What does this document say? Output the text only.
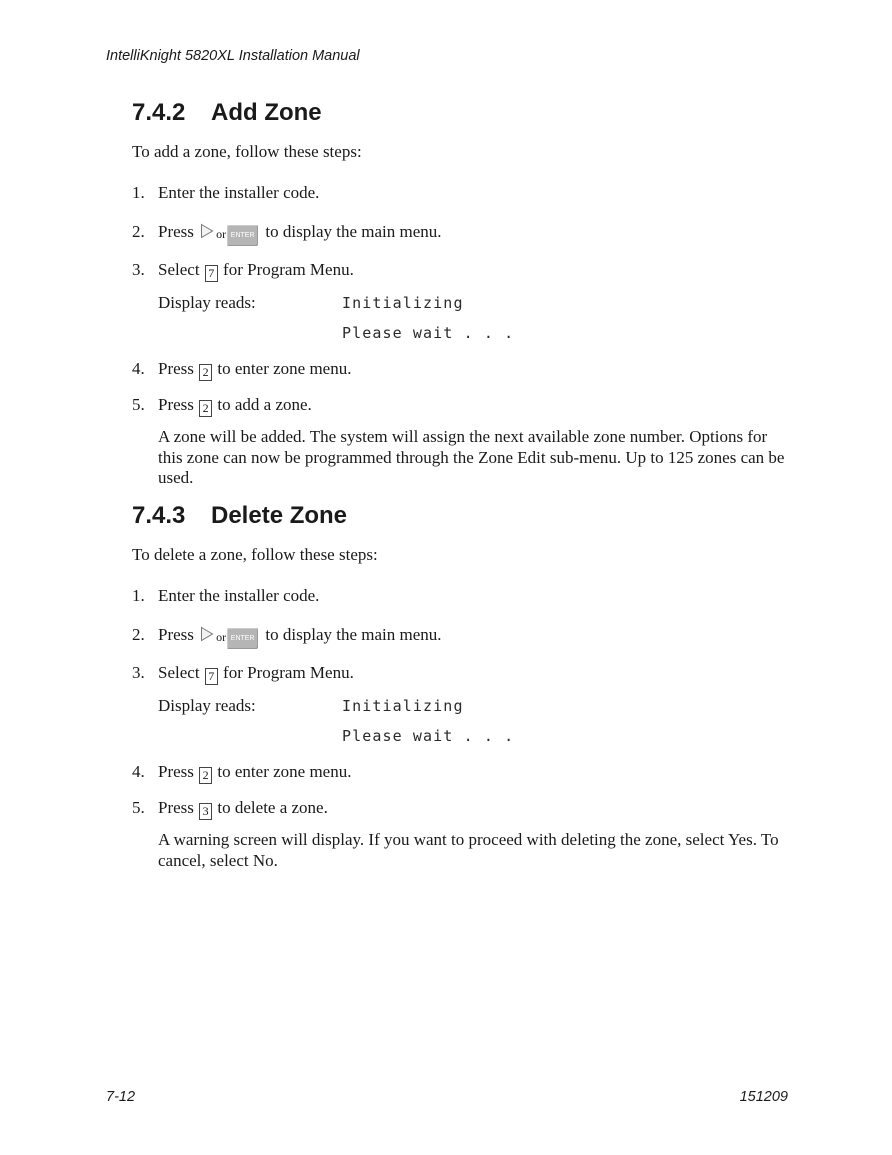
IntelliKnight 5820XL Installation Manual
7.4.2 Add Zone
To add a zone, follow these steps:
1. Enter the installer code.
2. Press or ENTER to display the main menu.
3. Select 7 for Program Menu.
Display reads:	Initializing
Please wait . . .
4. Press 2 to enter zone menu.
5. Press 2 to add a zone.
A zone will be added. The system will assign the next available zone number. Options for this zone can now be programmed through the Zone Edit sub-menu. Up to 125 zones can be used.
7.4.3 Delete Zone
To delete a zone, follow these steps:
1. Enter the installer code.
2. Press or ENTER to display the main menu.
3. Select 7 for Program Menu.
Display reads:	Initializing
Please wait . . .
4. Press 2 to enter zone menu.
5. Press 3 to delete a zone.
A warning screen will display. If you want to proceed with deleting the zone, select Yes. To cancel, select No.
7-12	151209
